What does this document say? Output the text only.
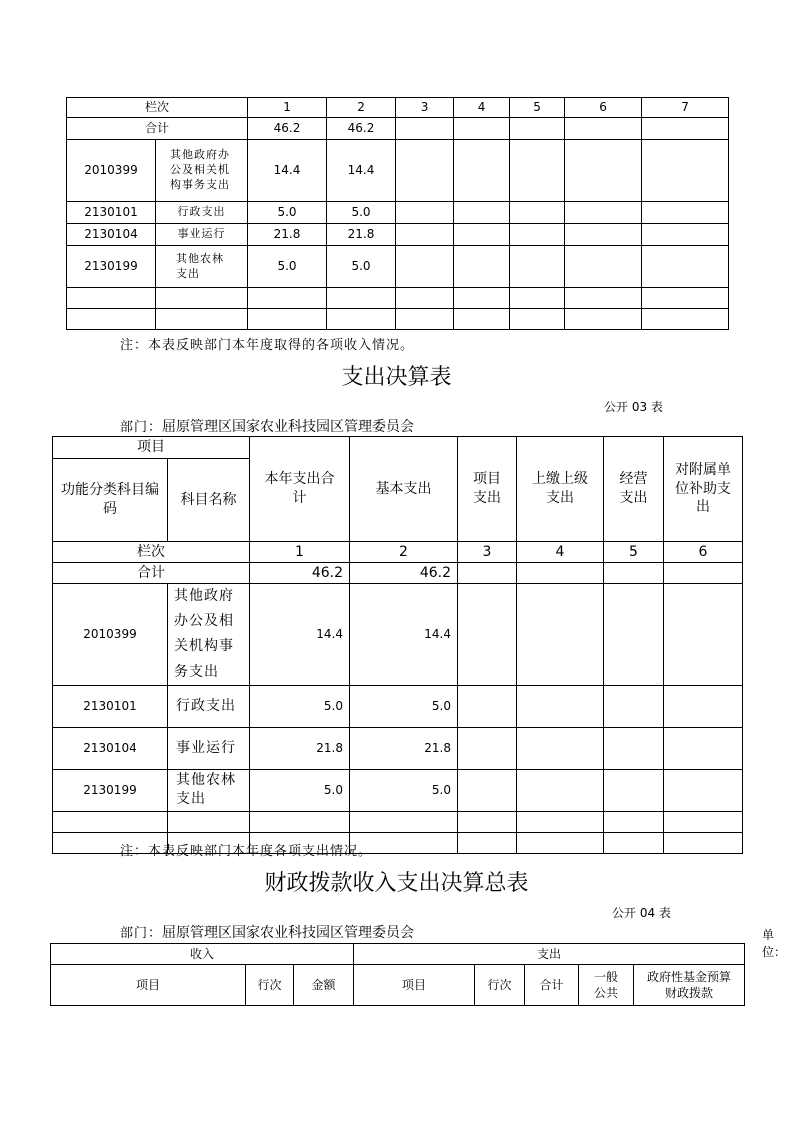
栏次		1	2	3	4	5	6	7
合计		46.2	46.2					
2010399	其他政府办公及相关机构事务支出	14.4	14.4					
2130101	行政支出	5.0	5.0					
2130104	事业运行	21.8	21.8					
2130199	其他农林支出	5.0	5.0					

注：本表反映部门本年度取得的各项收入情况。
支出决算表
公开 03 表
部门：屈原管理区国家农业科技园区管理委员会
项目		本年支出合计	基本支出	项目支出	上缴上级支出	经营支出	对附属单位补助支出
功能分类科目编码	科目名称						
栏次		1	2	3	4	5	6
合计		46.2	46.2				
2010399	其他政府办公及相关机构事务支出	14.4	14.4				
2130101	行政支出	5.0	5.0				
2130104	事业运行	21.8	21.8				
2130199	其他农林支出	5.0	5.0				

注：本表反映部门本年度各项支出情况。
财政拨款收入支出决算总表
公开 04 表
部门：屈原管理区国家农业科技园区管理委员会	单位：
收入			支出				
项目	行次	金额	项目	行次	合计	一般公共	政府性基金预算财政拨款
